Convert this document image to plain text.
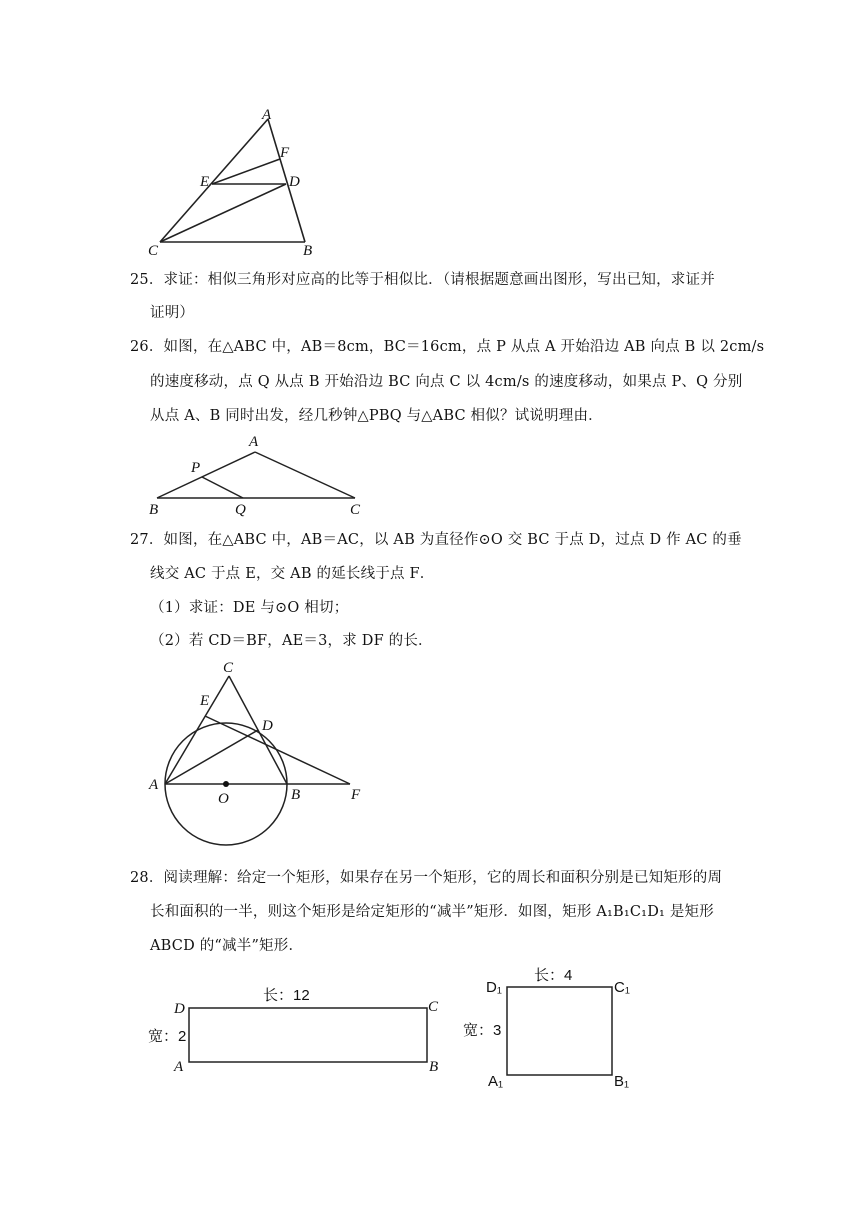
A
F
E	D
C	B
25．求证：相似三角形对应高的比等于相似比．（请根据题意画出图形，写出已知，求证并
证明）
26．如图，在△ABC 中，AB＝8cm，BC＝16cm，点 P 从点 A 开始沿边 AB 向点 B 以 2cm/s
的速度移动，点 Q 从点 B 开始沿边 BC 向点 C 以 4cm/s 的速度移动，如果点 P、Q 分别
从点 A、B 同时出发，经几秒钟△PBQ 与△ABC 相似？试说明理由．
A
P
B	Q	C
27．如图，在△ABC 中，AB＝AC，以 AB 为直径作⊙O 交 BC 于点 D，过点 D 作 AC 的垂
线交 AC 于点 E，交 AB 的延长线于点 F．
（1）求证：DE 与⊙O 相切；
（2）若 CD＝BF，AE＝3，求 DF 的长．
C
E
D
A
O	B	F
28．阅读理解：给定一个矩形，如果存在另一个矩形，它的周长和面积分别是已知矩形的周
长和面积的一半，则这个矩形是给定矩形的“减半”矩形．如图，矩形 A₁B₁C₁D₁ 是矩形
ABCD 的“减半”矩形．
长：12
宽：2
D	C
A	B
长：4
宽：3
D₁	C₁
A₁	B₁
